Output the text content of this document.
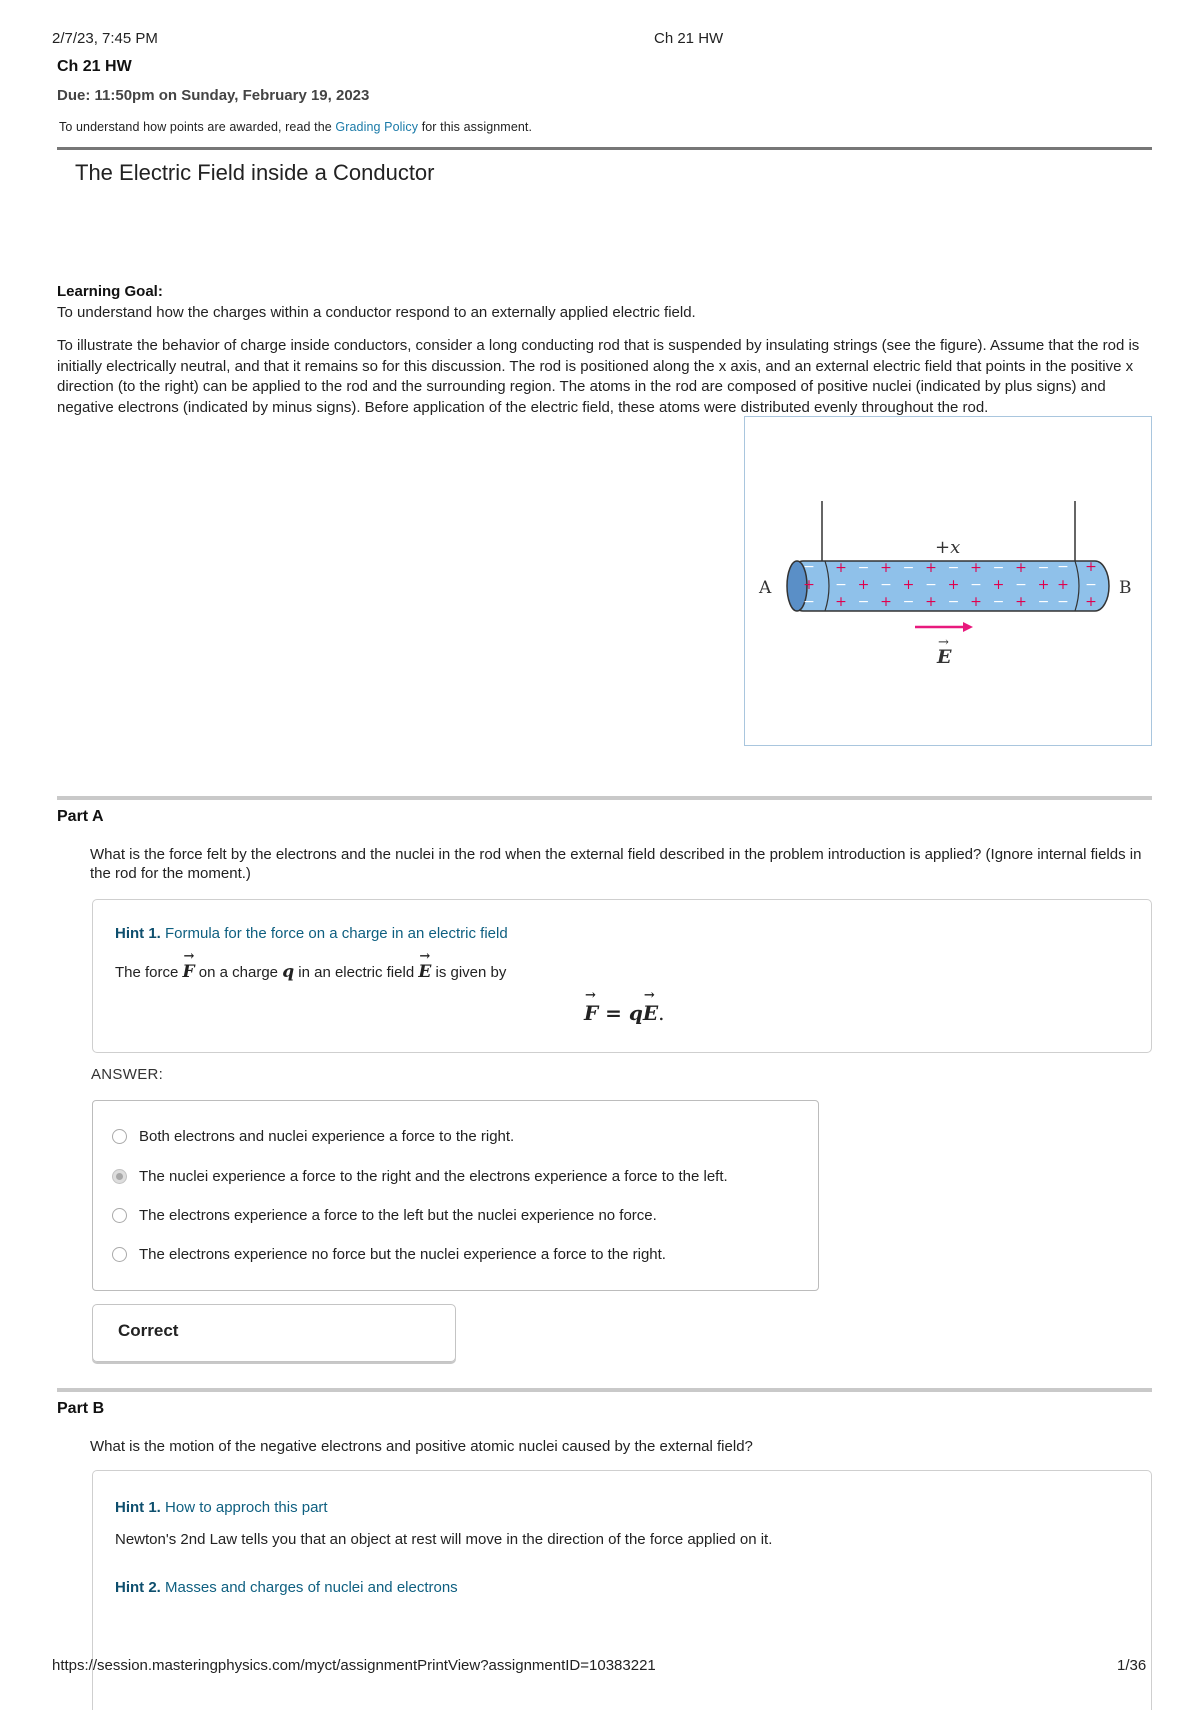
2/7/23, 7:45 PM	Ch 21 HW
Ch 21 HW
Due: 11:50pm on Sunday, February 19, 2023
To understand how points are awarded, read the Grading Policy for this assignment.
The Electric Field inside a Conductor
Learning Goal:
To understand how the charges within a conductor respond to an externally applied electric field.
To illustrate the behavior of charge inside conductors, consider a long conducting rod that is suspended by insulating strings (see the figure). Assume that the rod is initially electrically neutral, and that it remains so for this discussion. The rod is positioned along the x axis, and an external electric field that points in the positive x direction (to the right) can be applied to the rod and the surrounding region. The atoms in the rod are composed of positive nuclei (indicated by plus signs) and negative electrons (indicated by minus signs). Before application of the electric field, these atoms were distributed evenly throughout the rod.
+ − + − + − + − + −
− + − + − + − + − +
+ − + − + − + − + −
−
+
−
−
+
−
+
−
+
A	B
+x
E
→
Part A
What is the force felt by the electrons and the nuclei in the rod when the external field described in the problem introduction is applied? (Ignore internal fields in the rod for the moment.)
Hint 1. Formula for the force on a charge in an electric field
The force → F on a charge q in an electric field → E is given by
→ F = q→ E.
ANSWER:
Both electrons and nuclei experience a force to the right.
The nuclei experience a force to the right and the electrons experience a force to the left.
The electrons experience a force to the left but the nuclei experience no force.
The electrons experience no force but the nuclei experience a force to the right.
Correct
Part B
What is the motion of the negative electrons and positive atomic nuclei caused by the external field?
Hint 1. How to approch this part
Newton's 2nd Law tells you that an object at rest will move in the direction of the force applied on it.
Hint 2. Masses and charges of nuclei and electrons
https://session.masteringphysics.com/myct/assignmentPrintView?assignmentID=10383221	1/36
